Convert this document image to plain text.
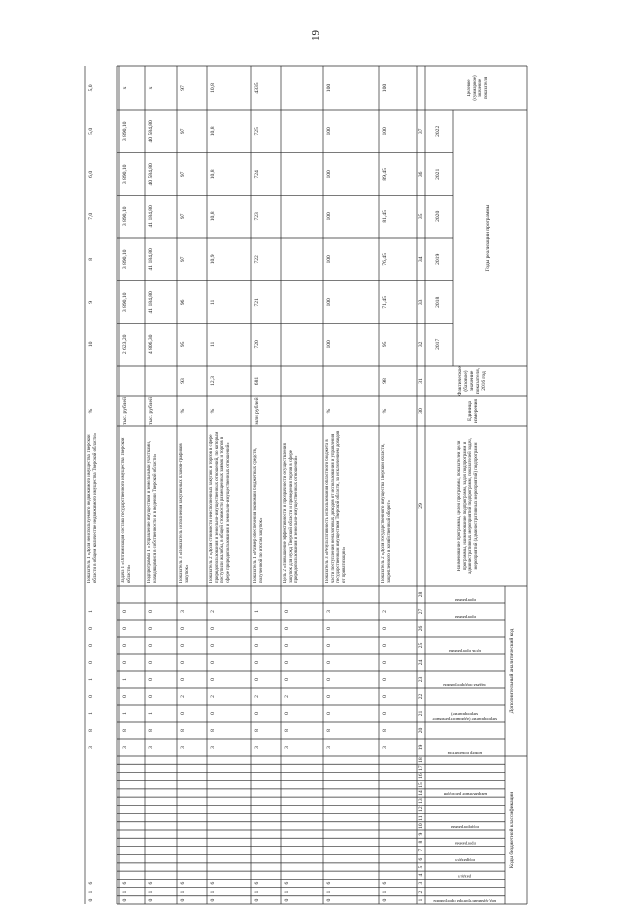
19
Коды бюджетной классификации
Дополнительный аналитический код
Наименование программы, целей программы, показателей цели программы, наименование подпрограмм, задач подпрограмм и административных мероприятий подпрограмм, показателей задач, мероприятий (административных мероприятий) подпрограмм
Единица измерения
Фактическое (базовое) значение показателя, 2016 год
Годы реализации программы
Целевое (суммарное) значение показателя
номер показателя
мероприятие (административное мероприятие)
задача подпрограммы
цель программы
программа
программа
код администратора программы
раздел
подраздел
программа
подпрограмма
направление расходов
2017
2018
2019
2020
2021
2022
1
2
3
4
5
6
7
8
9
10
11
12
13
14
15
16
17
18
19
20
21
22
23
24
25
26
27
28
29
30
31
32
33
34
35
36
37
Показатель 2 «Доля государственного имущества Тверской области, закрепленного в хозяйственный оборот»
%
98
95
71,45
76,45
81,45
89,45
100
100
0
1
6
3
8
0
0
0
0
0
0
2
Показатель 3 «Результативность использования областного бюджета в части поступления неналоговых доходов от использования и управления государственным имуществом Тверской области, за исключением доходов от приватизации»
%
100
100
100
100
100
100
100
0
1
6
3
8
0
0
0
0
0
0
3
Цель 2 «Повышение эффективности и прозрачности осуществления закупок для нужд Тверской области и проведения торгов в сфере природопользования и земельно-имущественных отношений»
0
1
6
3
8
0
2
0
0
0
0
0
Показатель 1 «Размер обеспечения экономии бюджетных средств, полученной по итогам закупок»
млн рублей
681
720
721
722
723
724
725
4335
0
1
6
3
8
0
2
0
0
0
0
1
Показатель 2 «Доля стоимости неисполненных закупок и торгов в сфере природопользования и земельно-имущественных отношений, по которым поступили жалобы, в общей стоимости размещенных заявок и торгов в сфере природопользования и земельно-имущественных отношений»
%
12,3
11
11
10,9
10,8
10,8
10,8
10,8
0
1
6
3
8
0
2
0
0
0
0
2
Показатель 3 «Показатель исполнения закупочных планов-графиков закупок»
%
93
95
96
97
97
97
97
97
0
1
6
3
8
0
2
0
0
0
0
3
Подпрограмма 1 «Управление имуществом и земельными участками, находящимися в собственности и в ведении Тверской области»
тыс. рублей
4 806,30
41 184,80
41 184,80
41 184,80
40 584,80
40 584,80
x
0
1
6
3
8
1
0
0
0
0
0
0
Задача 1 «Оптимизация состава государственного имущества Тверской области»
тыс. рублей
2 623,20
3 890,10
3 890,10
3 890,10
3 890,10
3 890,10
x
0
1
6
3
8
1
0
1
0
0
0
0
Показатель 1 «Доля неиспользуемого недвижимого имущества Тверской области в общем количестве недвижимого имущества Тверской области»
%
10
9
8
7,0
6,0
5,0
5,0
0
1
6
3
8
1
0
1
0
0
0
1
